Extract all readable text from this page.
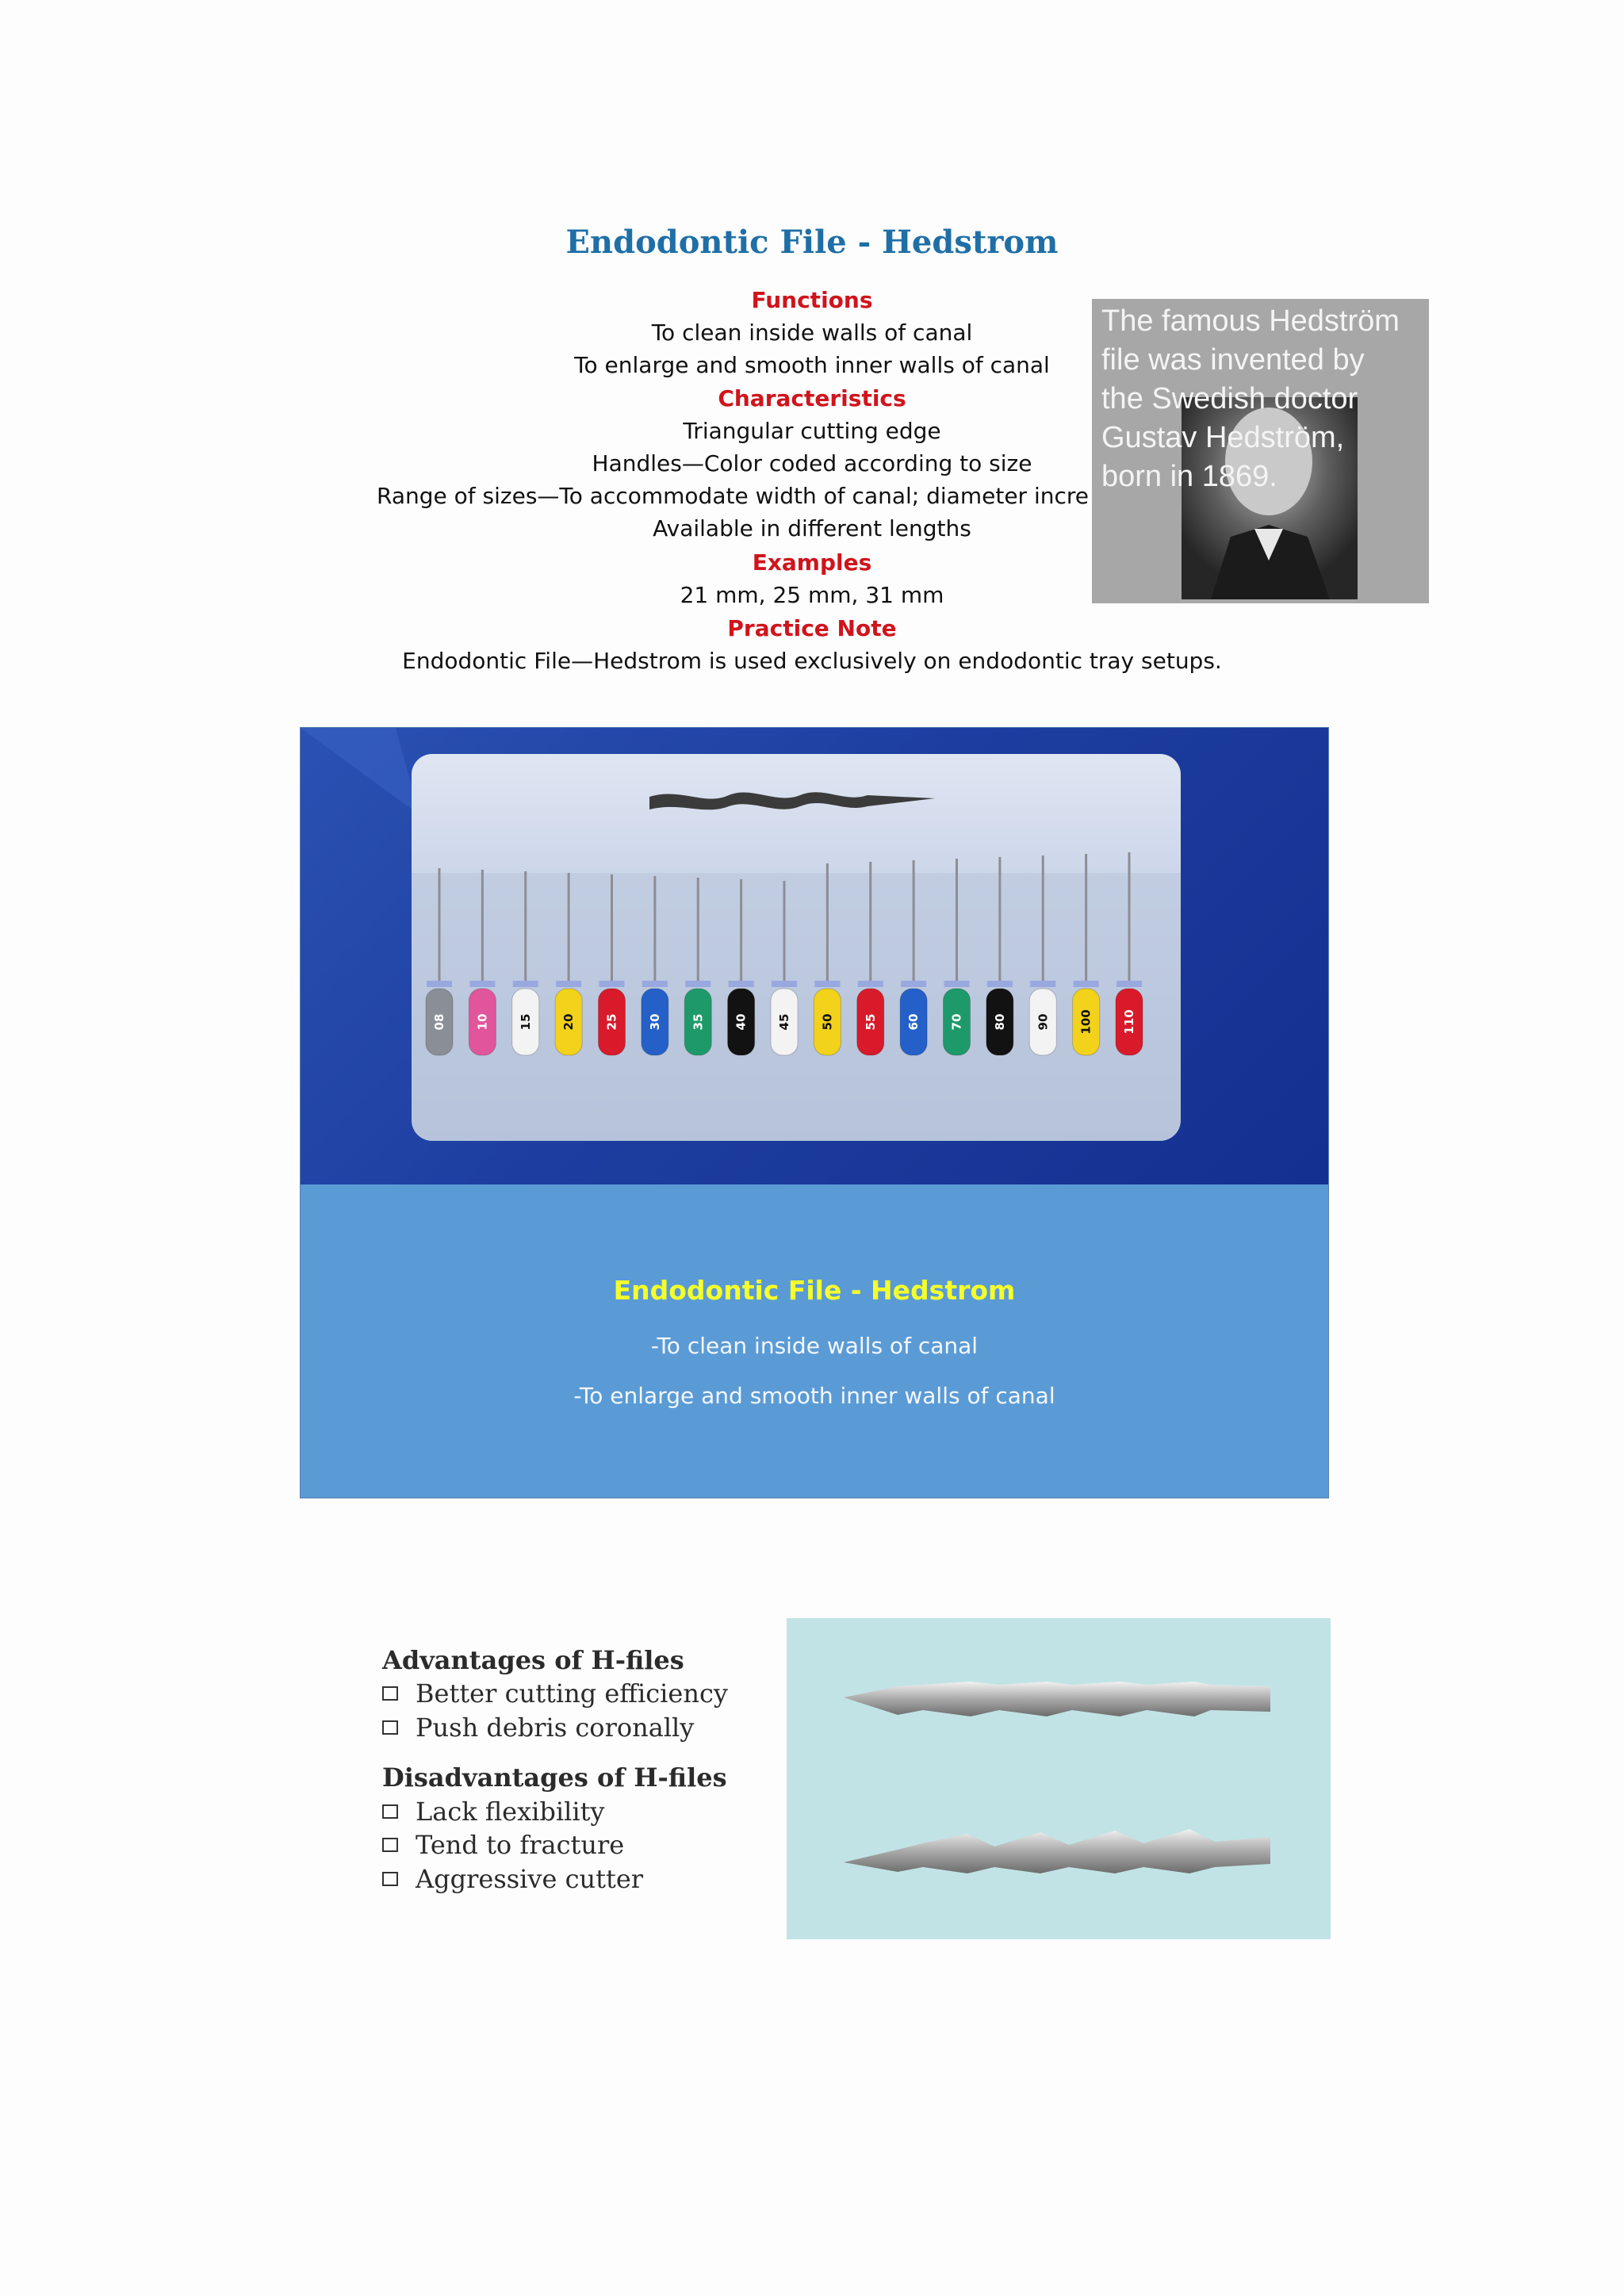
Endodontic File - Hedstrom
Functions
To clean inside walls of canal
To enlarge and smooth inner walls of canal
Characteristics
Triangular cutting edge
Handles—Color coded according to size
Range of sizes—To accommodate width of canal; diameter incre
Available in different lengths
Examples
21 mm, 25 mm, 31 mm
Practice Note
Endodontic File—Hedstrom is used exclusively on endodontic tray setups.
The famous Hedström
file was invented by
the Swedish doctor
Gustav Hedström,
born in 1869.
08 10 15 20 25 30 35 40 45 50 55 60 70 80 90 100 110
Endodontic File - Hedstrom
-To clean inside walls of canal
-To enlarge and smooth inner walls of canal
Advantages of H-files
Better cutting efficiency
Push debris coronally
Disadvantages of H-files
Lack flexibility
Tend to fracture
Aggressive cutter
